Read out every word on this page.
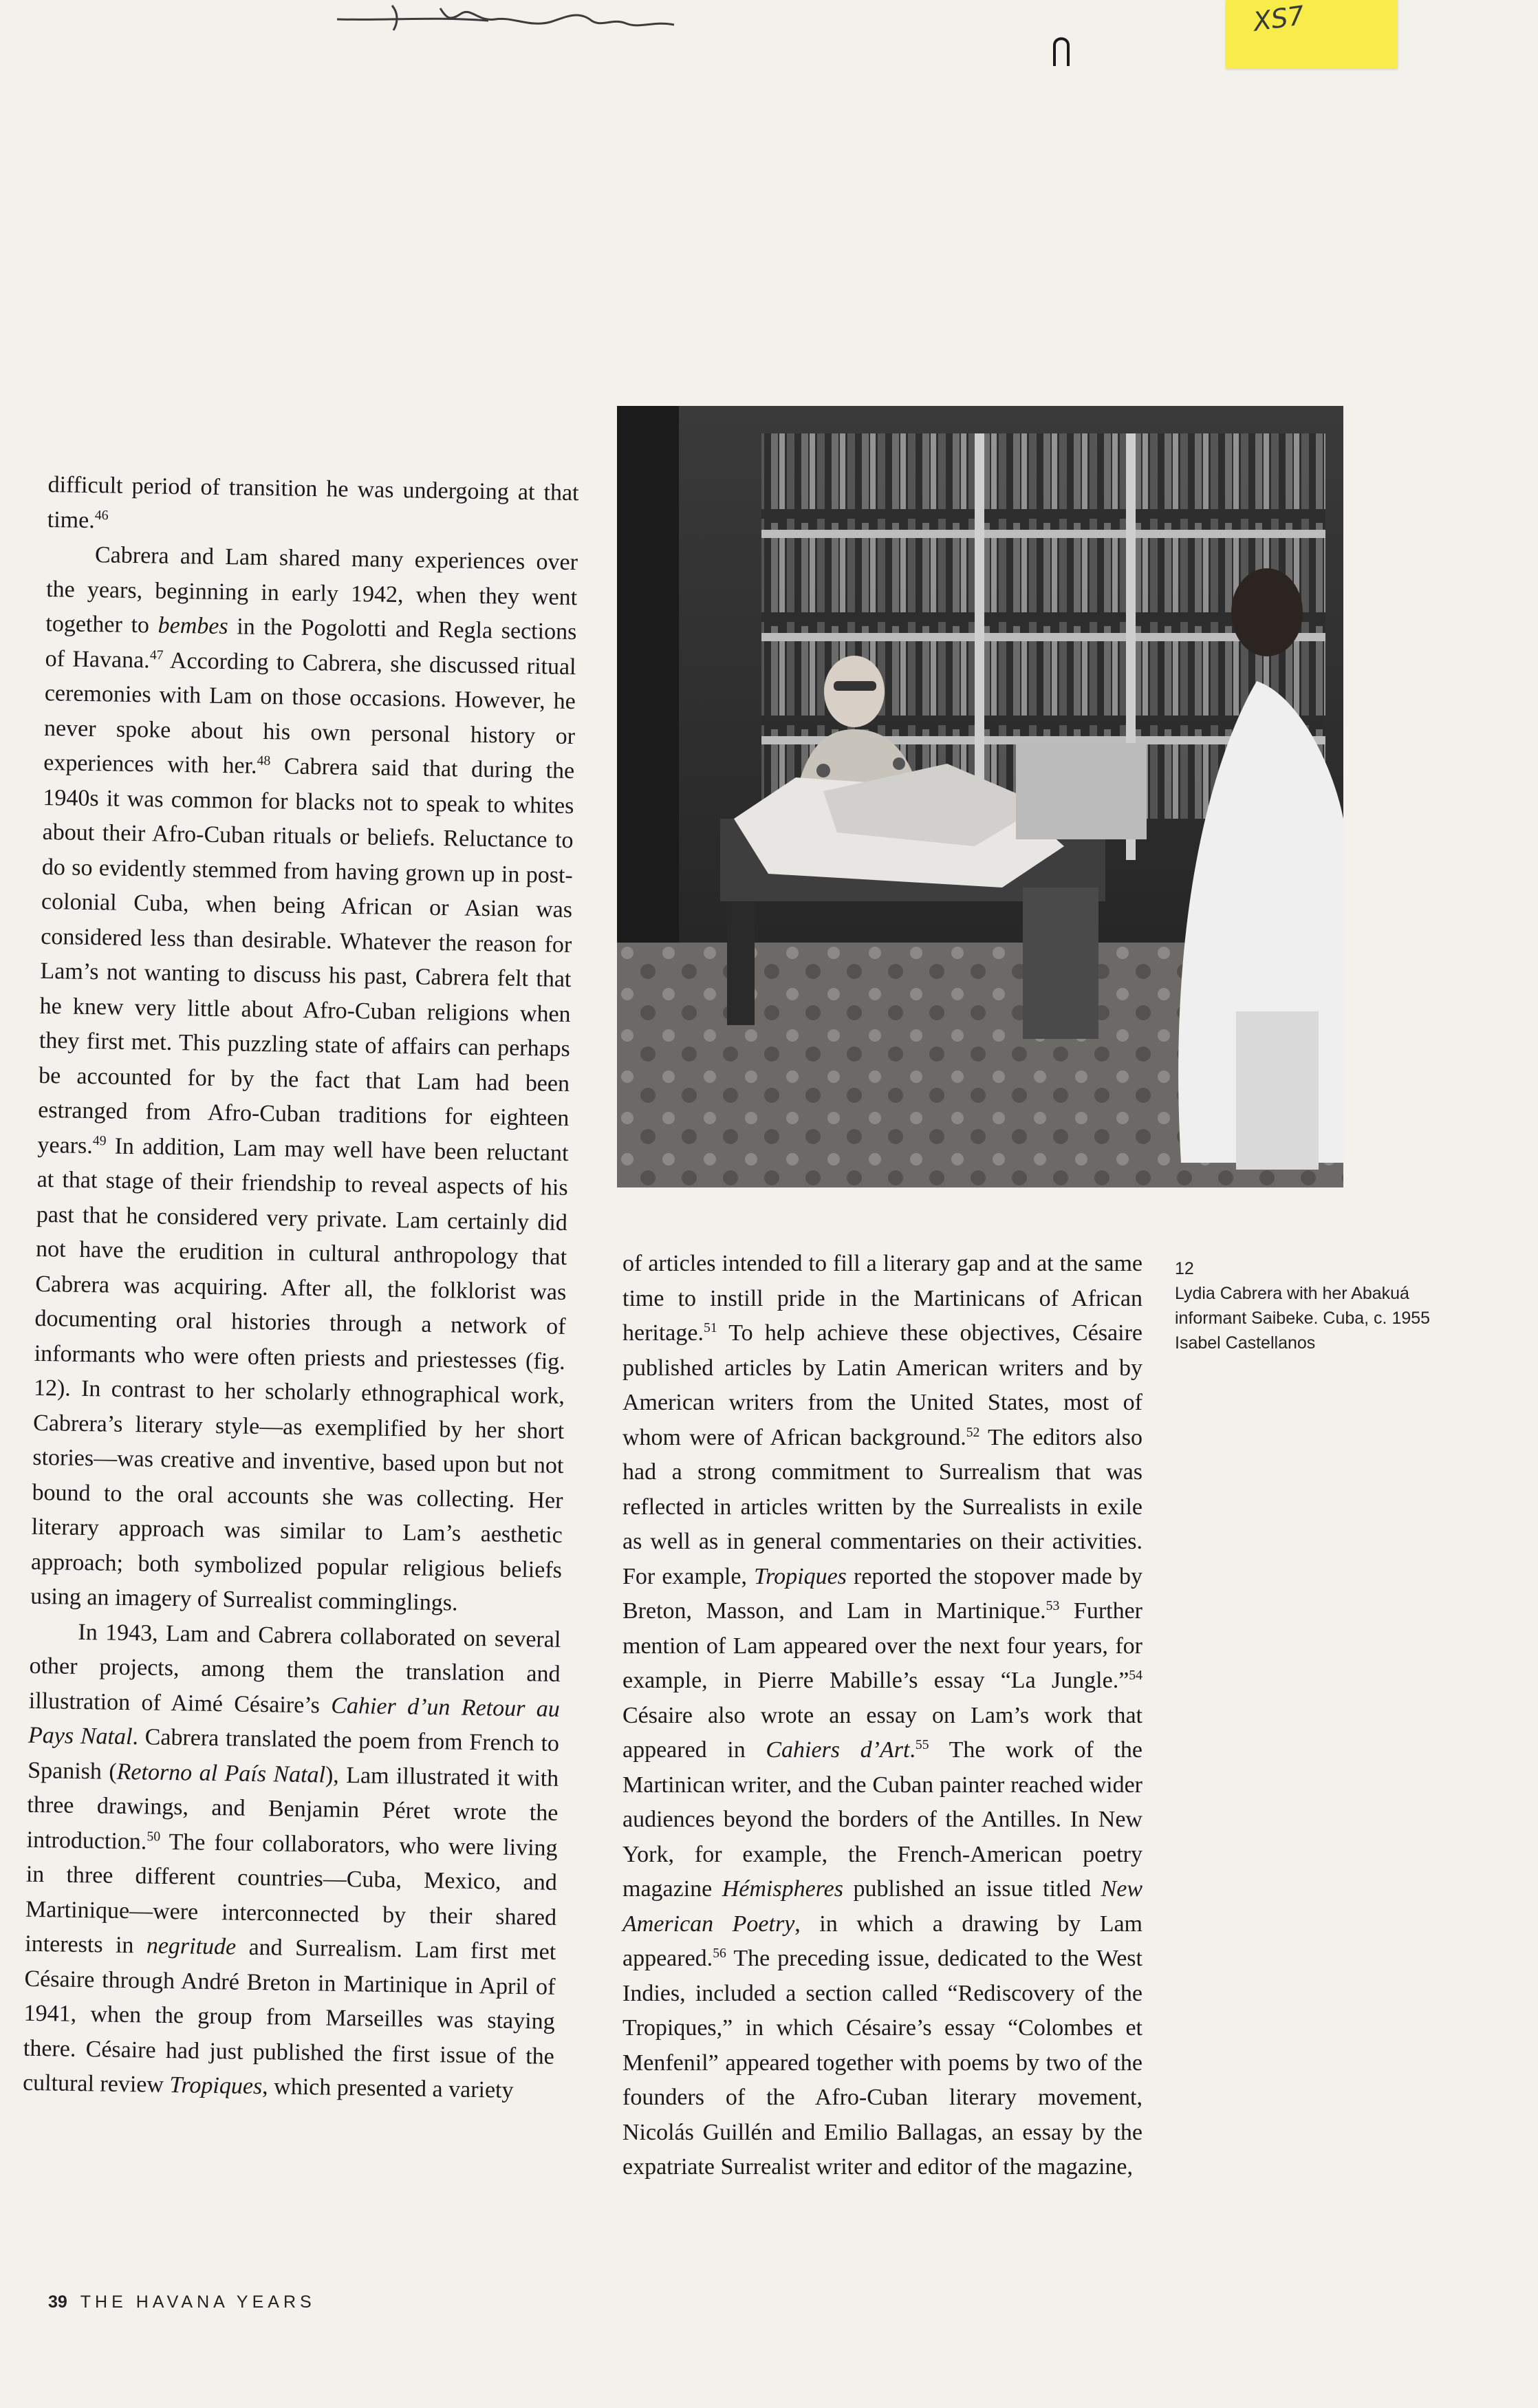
XS7

difficult period of transition he was undergoing at that time.$^{46}$

Cabrera and Lam shared many experiences over the years, beginning in early 1942, when they went together to bembes in the Pogolotti and Regla sections of Havana.$^{47}$ According to Cabrera, she discussed ritual ceremonies with Lam on those occasions. However, he never spoke about his own personal history or experiences with her.$^{48}$ Cabrera said that during the 1940s it was common for blacks not to speak to whites about their Afro-Cuban rituals or beliefs. Reluctance to do so evidently stemmed from having grown up in post-colonial Cuba, when being African or Asian was considered less than desirable. Whatever the reason for Lam’s not wanting to discuss his past, Cabrera felt that he knew very little about Afro-Cuban religions when they first met. This puzzling state of affairs can perhaps be accounted for by the fact that Lam had been estranged from Afro-Cuban traditions for eighteen years.$^{49}$ In addition, Lam may well have been reluctant at that stage of their friendship to reveal aspects of his past that he considered very private. Lam certainly did not have the erudition in cultural anthropology that Cabrera was acquiring. After all, the folklorist was documenting oral histories through a network of informants who were often priests and priestesses (fig. 12). In contrast to her scholarly ethnographical work, Cabrera’s literary style—as exemplified by her short stories—was creative and inventive, based upon but not bound to the oral accounts she was collecting. Her literary approach was similar to Lam’s aesthetic approach; both symbolized popular religious beliefs using an imagery of Surrealist comminglings.

In 1943, Lam and Cabrera collaborated on several other projects, among them the translation and illustration of Aimé Césaire’s Cahier d’un Retour au Pays Natal. Cabrera translated the poem from French to Spanish (Retorno al País Natal), Lam illustrated it with three drawings, and Benjamin Péret wrote the introduction.$^{50}$ The four collaborators, who were living in three different countries—Cuba, Mexico, and Martinique—were interconnected by their shared interests in negritude and Surrealism. Lam first met Césaire through André Breton in Martinique in April of 1941, when the group from Marseilles was staying there. Césaire had just published the first issue of the cultural review Tropiques, which presented a variety

12
Lydia Cabrera with her Abakuá
informant Saibeke. Cuba, c. 1955
Isabel Castellanos

of articles intended to fill a literary gap and at the same time to instill pride in the Martinicans of African heritage.$^{51}$ To help achieve these objectives, Césaire published articles by Latin American writers and by American writers from the United States, most of whom were of African background.$^{52}$ The editors also had a strong commitment to Surrealism that was reflected in articles written by the Surrealists in exile as well as in general commentaries on their activities. For example, Tropiques reported the stopover made by Breton, Masson, and Lam in Martinique.$^{53}$ Further mention of Lam appeared over the next four years, for example, in Pierre Mabille’s essay “La Jungle.”$^{54}$ Césaire also wrote an essay on Lam’s work that appeared in Cahiers d’Art.$^{55}$ The work of the Martinican writer, and the Cuban painter reached wider audiences beyond the borders of the Antilles. In New York, for example, the French-American poetry magazine Hémispheres published an issue titled New American Poetry, in which a drawing by Lam appeared.$^{56}$ The preceding issue, dedicated to the West Indies, included a section called “Rediscovery of the Tropiques,” in which Césaire’s essay “Colombes et Menfenil” appeared together with poems by two of the founders of the Afro-Cuban literary movement, Nicolás Guillén and Emilio Ballagas, an essay by the expatriate Surrealist writer and editor of the magazine,

39 THE HAVANA YEARS
